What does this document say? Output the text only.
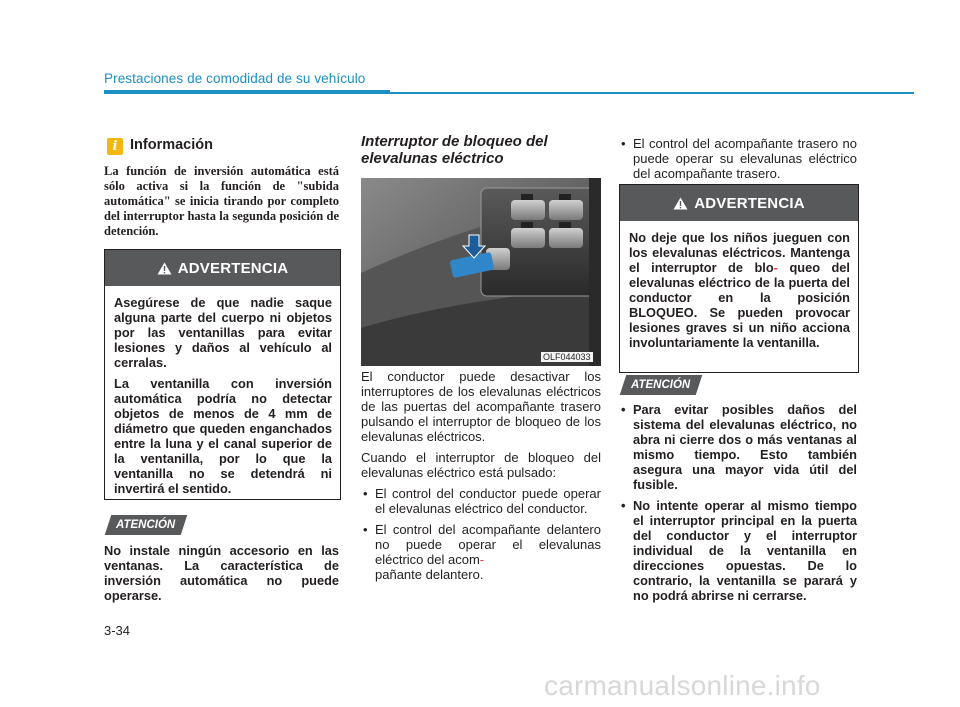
Prestaciones de comodidad de su vehículo
i Información
La función de inversión automática está sólo activa si la función de "subida automática" se inicia tirando por completo del interruptor hasta la segunda posición de detención.
ADVERTENCIA

Asegúrese de que nadie saque alguna parte del cuerpo ni objetos por las ventanillas para evitar lesiones y daños al vehículo al cerralas.

La ventanilla con inversión automática podría no detectar objetos de menos de 4 mm de diámetro que queden enganchados entre la luna y el canal superior de la ventanilla, por lo que la ventanilla no se detendrá ni invertirá el sentido.

ATENCIÓN
No instale ningún accesorio en las ventanas. La característica de inversión automática no puede operarse.
Interruptor de bloqueo del elevalunas eléctrico
OLF044033

El conductor puede desactivar los interruptores de los elevalunas eléctricos de las puertas del acompañante trasero pulsando el interruptor de bloqueo de los elevalunas eléctricos.

Cuando el interruptor de bloqueo del elevalunas eléctrico está pulsado:

• El control del conductor puede operar el elevalunas eléctrico del conductor.
• El control del acompañante delantero no puede operar el elevalunas eléctrico del acom-
pañante delantero.
• El control del acompañante trasero no puede operar su elevalunas eléctrico del acompañante trasero.
ADVERTENCIA

No deje que los niños jueguen con los elevalunas eléctricos. Mantenga el interruptor de blo- queo del elevalunas eléctrico de la puerta del conductor en la posición BLOQUEO. Se pueden provocar lesiones graves si un niño acciona involuntariamente la ventanilla.

ATENCIÓN
• Para evitar posibles daños del sistema del elevalunas eléctrico, no abra ni cierre dos o más ventanas al mismo tiempo. Esto también asegura una mayor vida útil del fusible.
• No intente operar al mismo tiempo el interruptor principal en la puerta del conductor y el interruptor individual de la ventanilla en direcciones opuestas. De lo contrario, la ventanilla se parará y no podrá abrirse ni cerrarse.
3-34
carmanualsonline.info
